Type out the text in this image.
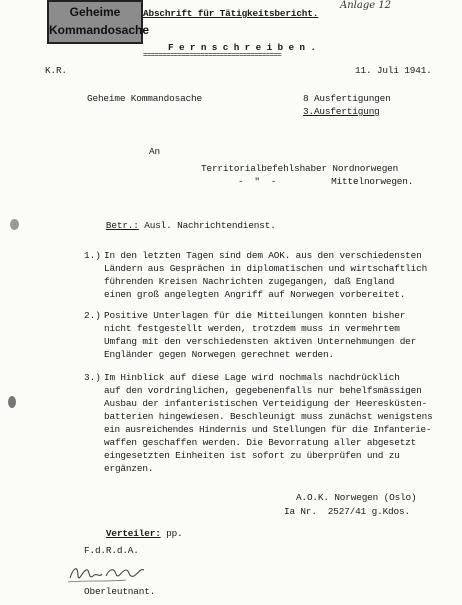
Geheime
Kommandosache
Abschrift für Tätigkeitsbericht.
Anlage 12
F e r n s c h r e i b e n .
====================================
K.R.	11. Juli 1941.
Geheime Kommandosache	8 Ausfertigungen
3.Ausfertigung
An
Territorialbefehlshaber Nordnorwegen
-  "  -          Mittelnorwegen.

Betr.: Ausl. Nachrichtendienst.

1.) In den letzten Tagen sind dem AOK. aus den verschiedensten
Ländern aus Gesprächen in diplomatischen und wirtschaftlich
führenden Kreisen Nachrichten zugegangen, daß England
einen groß angelegten Angriff auf Norwegen vorbereitet.
2.) Positive Unterlagen für die Mitteilungen konnten bisher
nicht festgestellt werden, trotzdem muss in vermehrtem
Umfang mit den verschiedensten aktiven Unternehmungen der
Engländer gegen Norwegen gerechnet werden.
3.) Im Hinblick auf diese Lage wird nochmals nachdrücklich
auf den vordringlichen, gegebenenfalls nur behelfsmässigen
Ausbau der infanteristischen Verteidigung der Heeresküsten-
batterien hingewiesen. Beschleunigt muss zunächst wenigstens
ein ausreichendes Hindernis und Stellungen für die Infanterie-
waffen geschaffen werden. Die Bevorratung aller abgesetzt
eingesetzten Einheiten ist sofort zu überprüfen und zu
ergänzen.
A.O.K. Norwegen (Oslo)
Ia Nr.  2527/41 g.Kdos.

Verteiler: pp.

F.d.R.d.A.
Oberleutnant.
